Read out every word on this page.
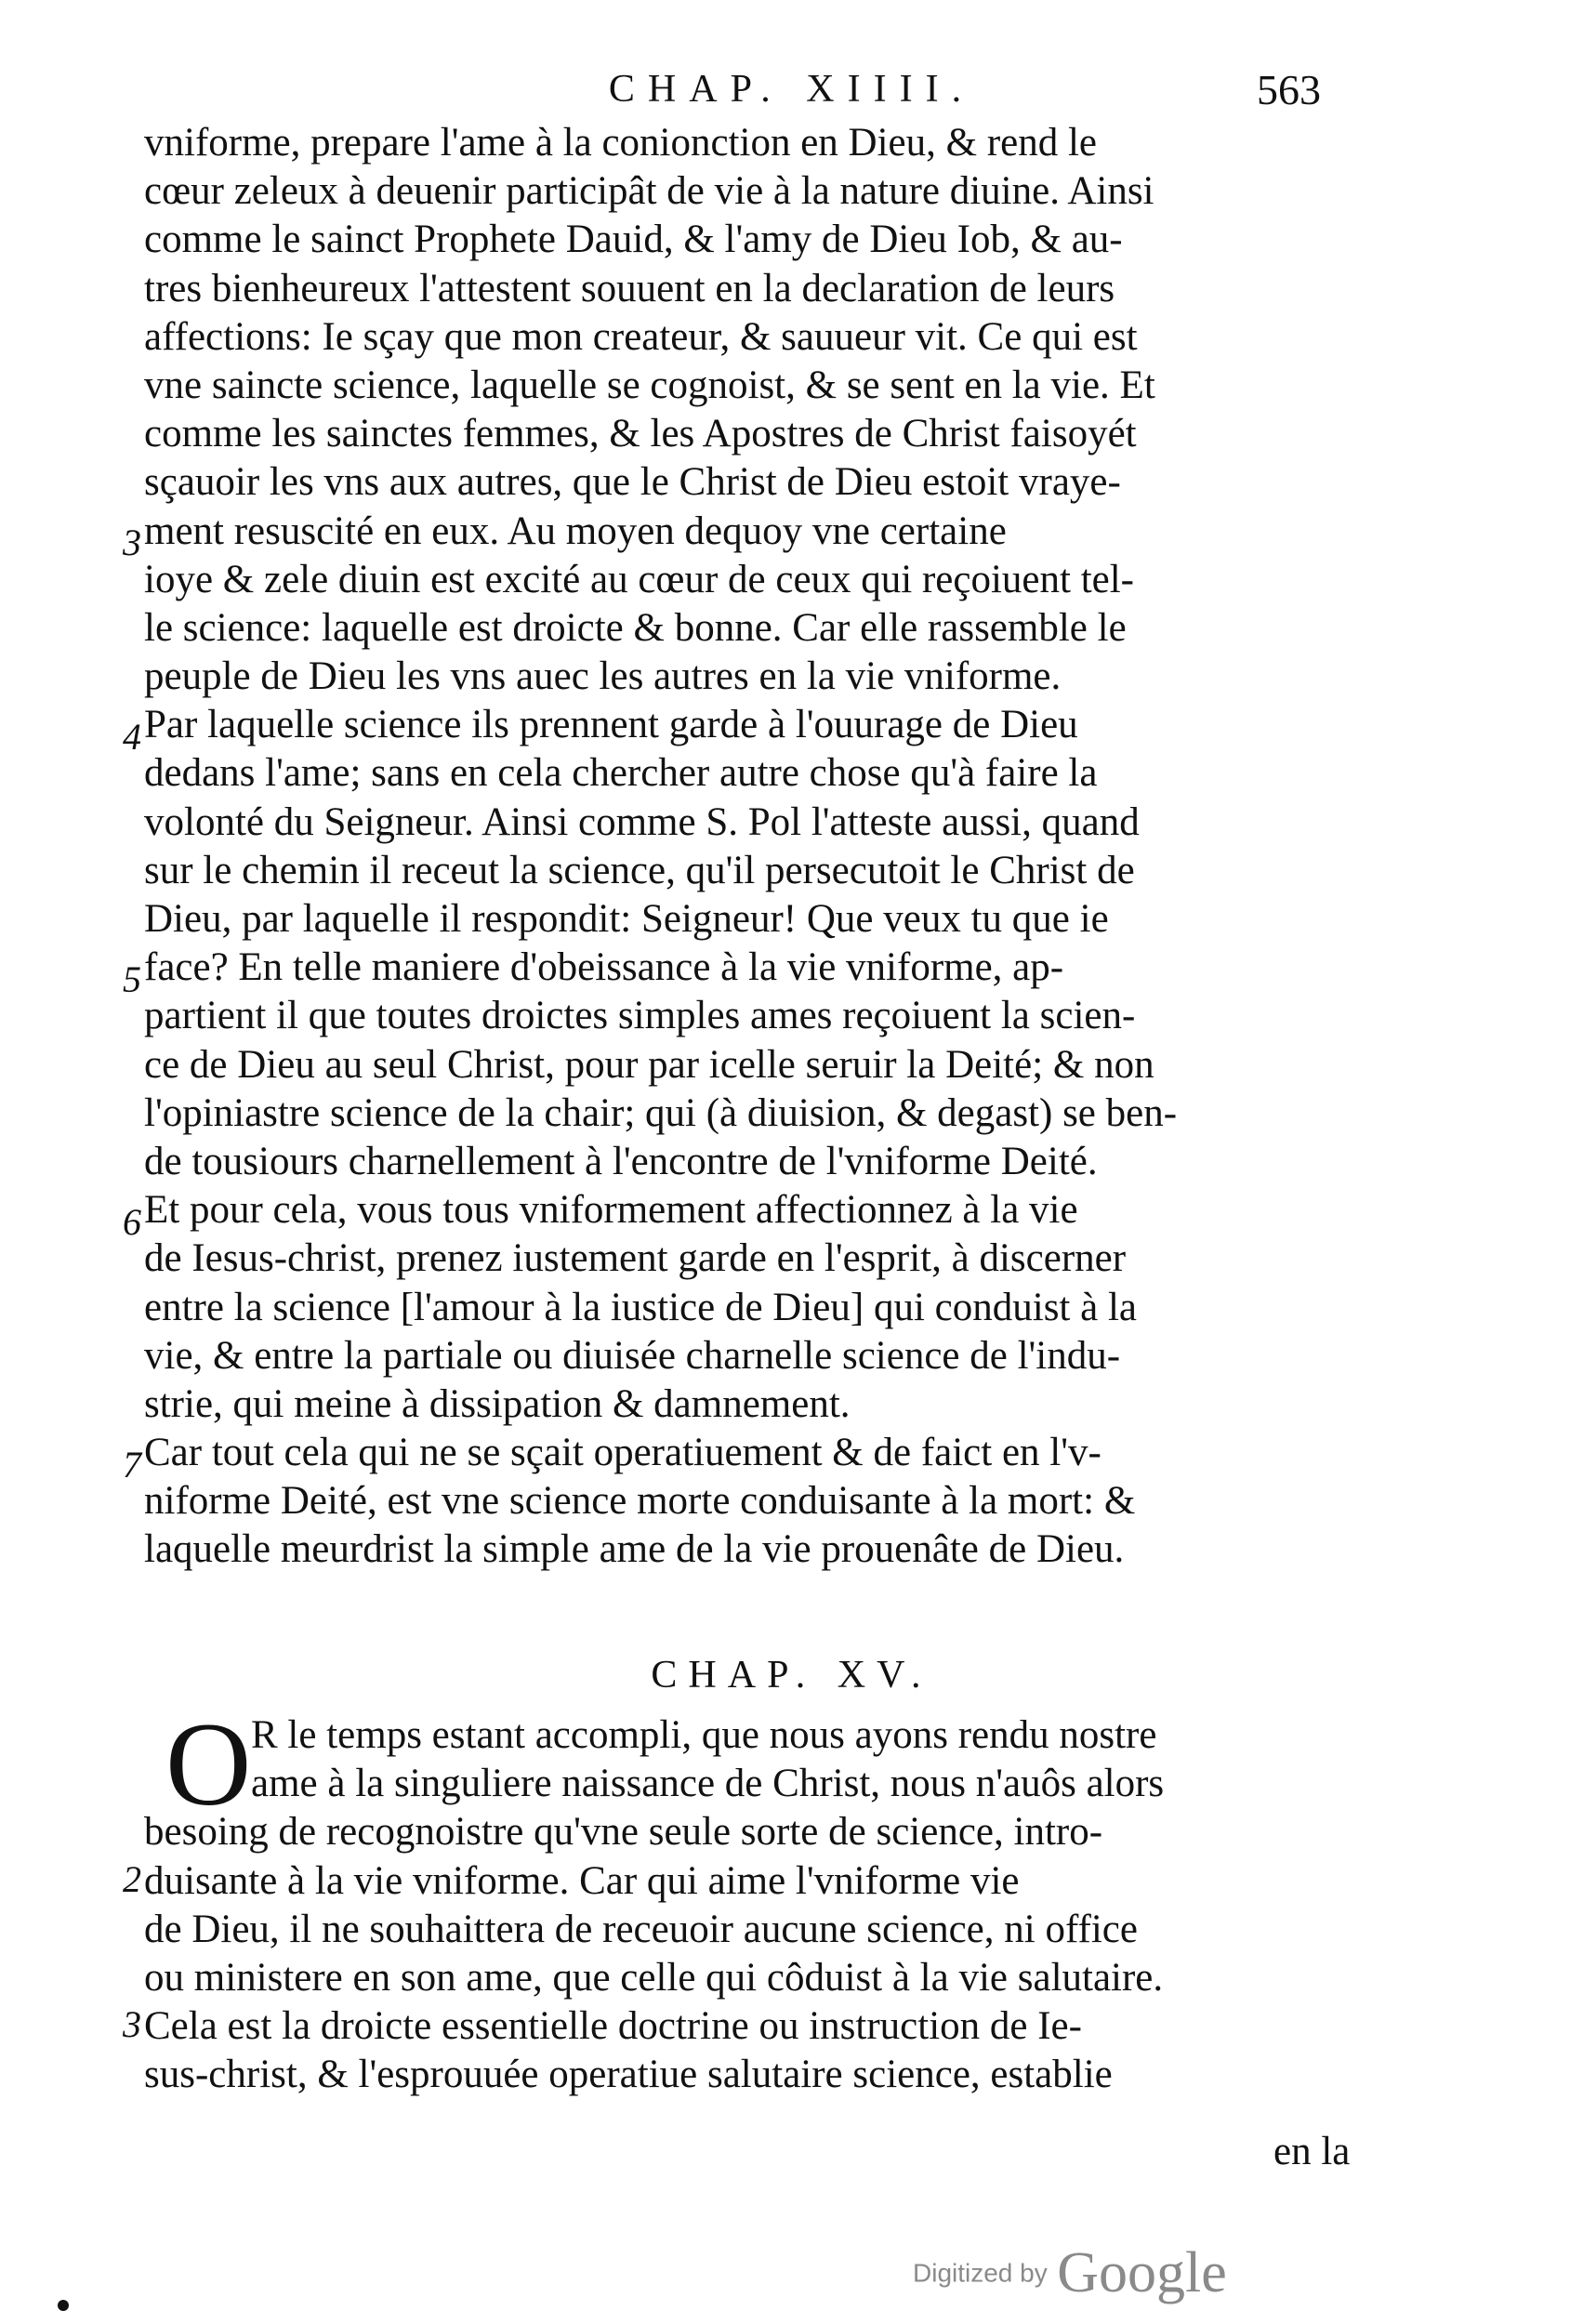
CHAP. XIIII.	563
vniforme, prepare l'ame à la conionction en Dieu, & rend le
cœur zeleux à deuenir participât de vie à la nature diuine. Ainsi
comme le sainct Prophete Dauid, & l'amy de Dieu Iob, & au-
tres bienheureux l'attestent souuent en la declaration de leurs
affections: Ie sçay que mon createur, & sauueur vit. Ce qui est
vne saincte science, laquelle se cognoist, & se sent en la vie. Et
comme les sainctes femmes, & les Apostres de Christ faisoyét
sçauoir les vns aux autres, que le Christ de Dieu estoit vraye-
ment resuscité en eux. Au moyen dequoy vne certaine
ioye & zele diuin est excité au cœur de ceux qui reçoiuent tel-
le science: laquelle est droicte & bonne. Car elle rassemble le
peuple de Dieu les vns auec les autres en la vie vniforme.
Par laquelle science ils prennent garde à l'ouurage de Dieu
dedans l'ame; sans en cela chercher autre chose qu'à faire la
volonté du Seigneur. Ainsi comme S. Pol l'atteste aussi, quand
sur le chemin il receut la science, qu'il persecutoit le Christ de
Dieu, par laquelle il respondit: Seigneur! Que veux tu que ie
face? En telle maniere d'obeissance à la vie vniforme, ap-
partient il que toutes droictes simples ames reçoiuent la scien-
ce de Dieu au seul Christ, pour par icelle seruir la Deité; & non
l'opiniastre science de la chair; qui (à diuision, & degast) se ben-
de tousiours charnellement à l'encontre de l'vniforme Deité.
Et pour cela, vous tous vniformement affectionnez à la vie
de Iesus-christ, prenez iustement garde en l'esprit, à discerner
entre la science [l'amour à la iustice de Dieu] qui conduist à la
vie, & entre la partiale ou diuisée charnelle science de l'indu-
strie, qui meine à dissipation & damnement.
Car tout cela qui ne se sçait operatiuement & de faict en l'v-
niforme Deité, est vne science morte conduisante à la mort: &
laquelle meurdrist la simple ame de la vie prouenâte de Dieu.
3
4
5
6
7
CHAP. XV.
O R le temps estant accompli, que nous ayons rendu nostre
ame à la singuliere naissance de Christ, nous n'auôs alors
besoing de recognoistre qu'vne seule sorte de science, intro-
duisante à la vie vniforme. Car qui aime l'vniforme vie
de Dieu, il ne souhaittera de receuoir aucune science, ni office
ou ministere en son ame, que celle qui côduist à la vie salutaire.
Cela est la droicte essentielle doctrine ou instruction de Ie-
sus-christ, & l'esprouuée operatiue salutaire science, establie
2
3
en la
Digitized by Google
